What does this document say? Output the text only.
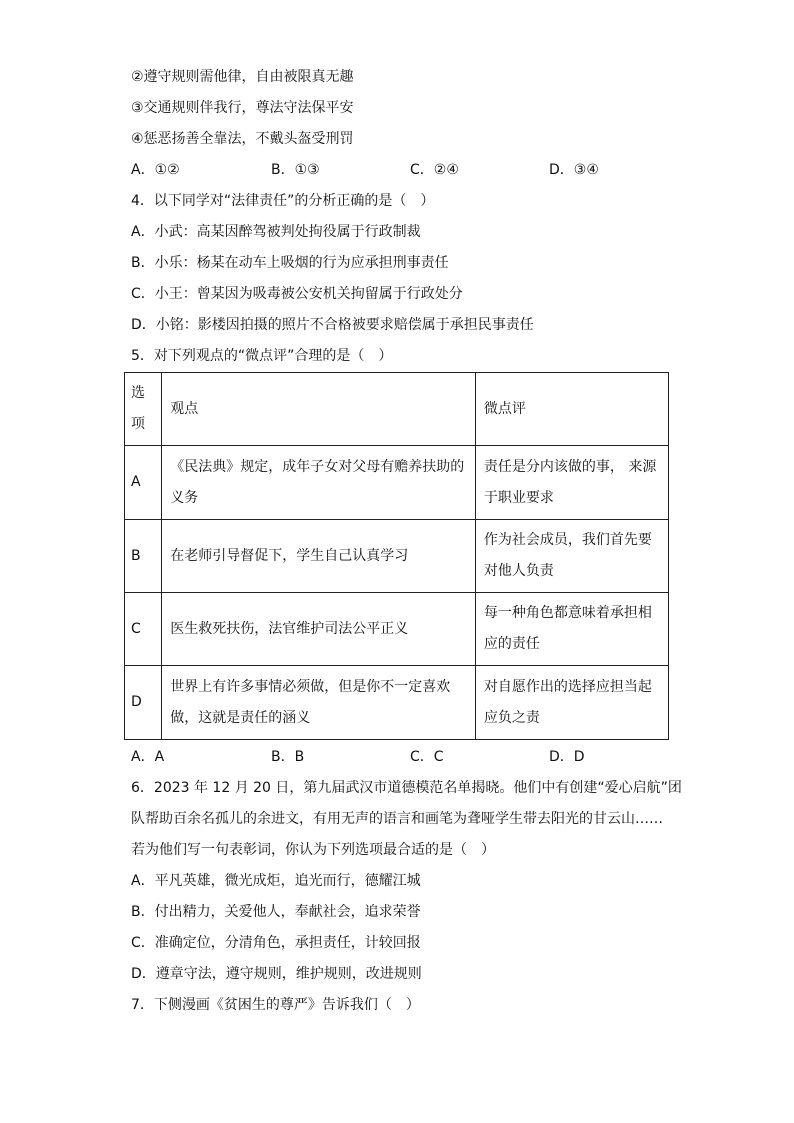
②遵守规则需他律，自由被限真无趣
③交通规则伴我行，尊法守法保平安
④惩恶扬善全靠法，不戴头盔受刑罚
A．①②	B．①③	C．②④	D．③④
4．以下同学对“法律责任”的分析正确的是（　）
A．小武：高某因醉驾被判处拘役属于行政制裁
B．小乐：杨某在动车上吸烟的行为应承担刑事责任
C．小王：曾某因为吸毒被公安机关拘留属于行政处分
D．小铭：影楼因拍摄的照片不合格被要求赔偿属于承担民事责任
5．对下列观点的“微点评”合理的是（　）
选项	观点	微点评
A	《民法典》规定，成年子女对父母有赡养扶助的义务	责任是分内该做的事， 来源于职业要求
B	在老师引导督促下，学生自己认真学习	作为社会成员，我们首先要对他人负责
C	医生救死扶伤，法官维护司法公平正义	每一种角色都意味着承担相应的责任
D	世界上有许多事情必须做，但是你不一定喜欢做，这就是责任的涵义	对自愿作出的选择应担当起应负之责
A．A	B．B	C．C	D．D
6．2023 年 12 月 20 日，第九届武汉市道德模范名单揭晓。他们中有创建“爱心启航”团
队帮助百余名孤儿的余进文，有用无声的语言和画笔为聋哑学生带去阳光的甘云山……
若为他们写一句表彰词，你认为下列选项最合适的是（　）
A．平凡英雄，微光成炬，追光而行，德耀江城
B．付出精力，关爱他人，奉献社会，追求荣誉
C．准确定位，分清角色，承担责任，计较回报
D．遵章守法，遵守规则，维护规则，改进规则
7．下侧漫画《贫困生的尊严》告诉我们（　）
